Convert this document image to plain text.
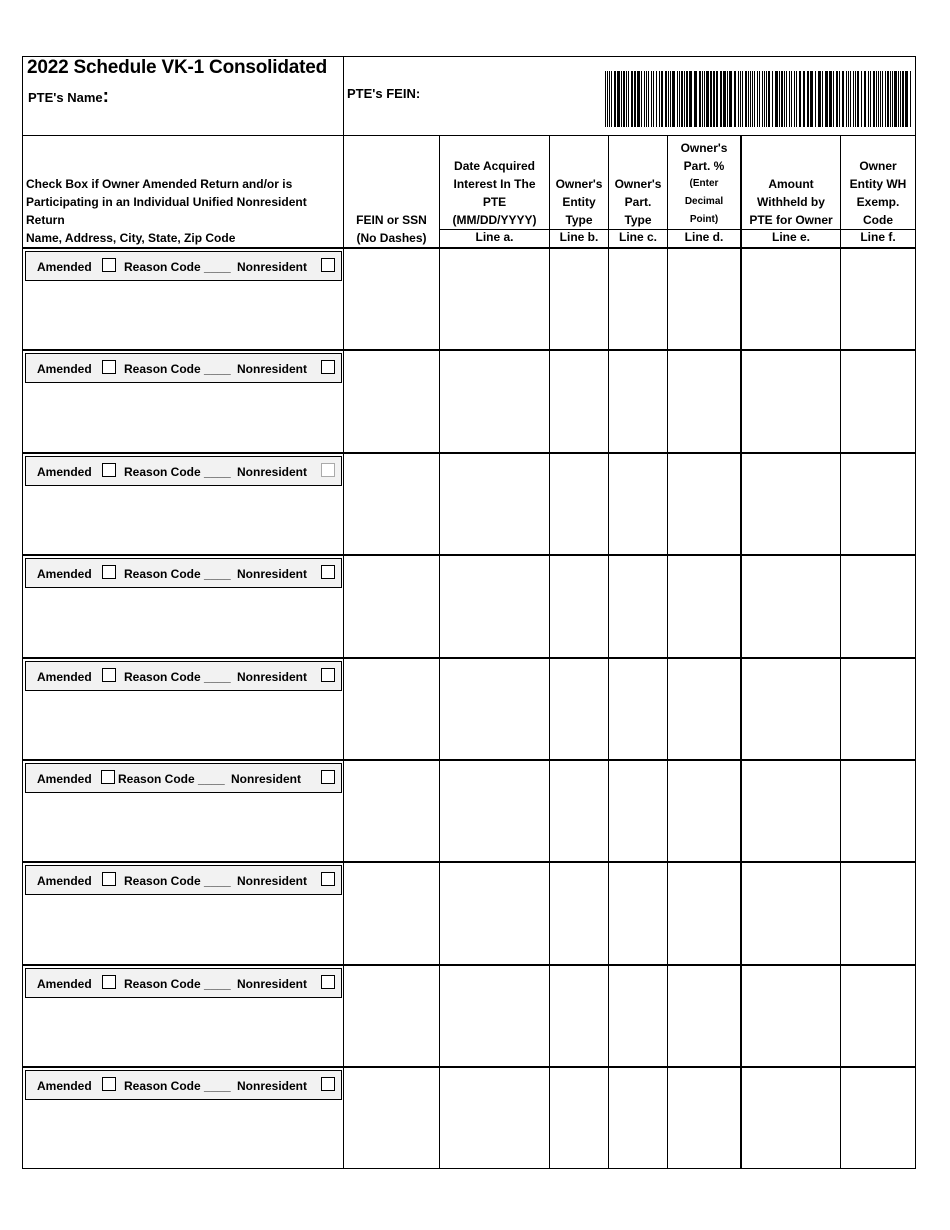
2022 Schedule VK-1 Consolidated
PTE's Name:	PTE's FEIN:
Check Box if Owner Amended Return and/or is
Participating in an Individual Unified Nonresident
Return
Name, Address, City, State, Zip Code
FEIN or SSN
(No Dashes)
Date Acquired
Interest In The
PTE
(MM/DD/YYYY)
Line a.
Owner's
Entity
Type
Line b.
Owner's
Part.
Type
Line c.
Owner's
Part. %
(Enter
Decimal
Point)
Line d.
Amount
Withheld by
PTE for Owner
Line e.
Owner
Entity WH
Exemp.
Code
Line f.
Amended	Reason Code ____ Nonresident
Amended	Reason Code ____ Nonresident
Amended	Reason Code ____ Nonresident
Amended	Reason Code ____ Nonresident
Amended	Reason Code ____ Nonresident
Amended Reason Code ____ Nonresident
Amended	Reason Code ____ Nonresident
Amended	Reason Code ____ Nonresident
Amended	Reason Code ____ Nonresident
